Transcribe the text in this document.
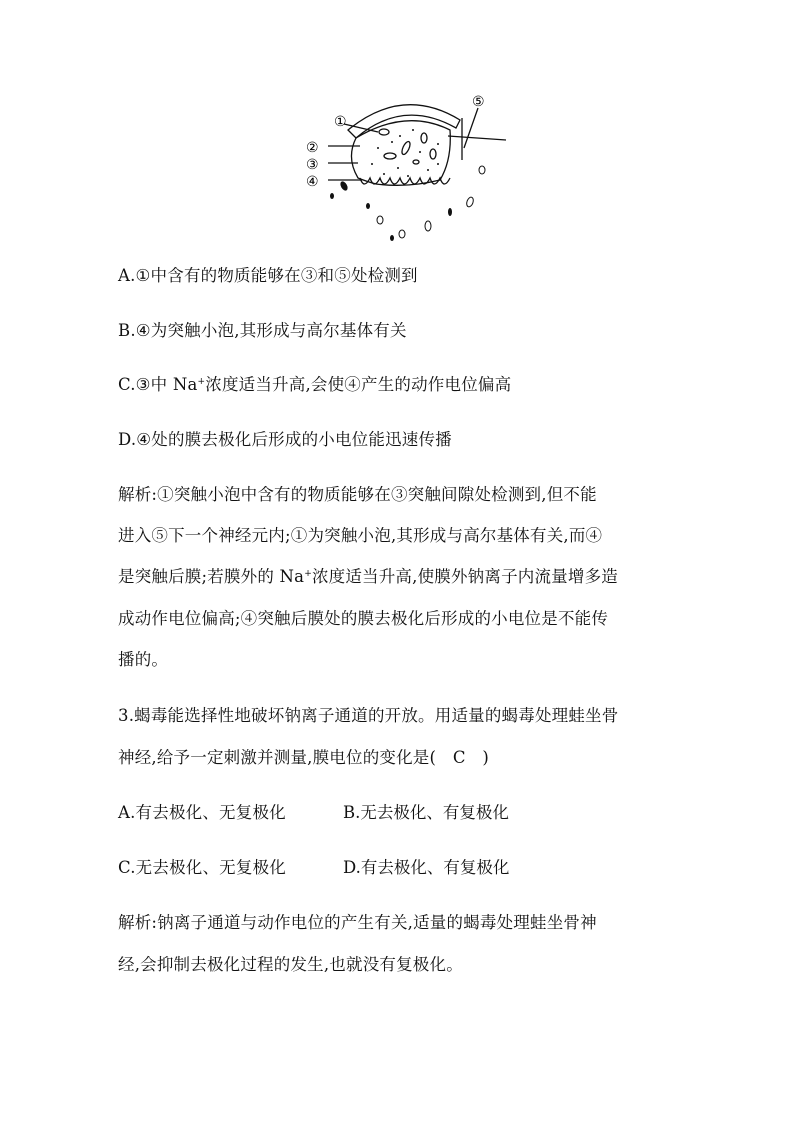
①
②
③
④
⑤
A.①中含有的物质能够在③和⑤处检测到
B.④为突触小泡,其形成与高尔基体有关
C.③中 Na+浓度适当升高,会使④产生的动作电位偏高
D.④处的膜去极化后形成的小电位能迅速传播
解析:①突触小泡中含有的物质能够在③突触间隙处检测到,但不能
进入⑤下一个神经元内;①为突触小泡,其形成与高尔基体有关,而④
是突触后膜;若膜外的 Na+浓度适当升高,使膜外钠离子内流量增多造
成动作电位偏高;④突触后膜处的膜去极化后形成的小电位是不能传
播的。
3.蝎毒能选择性地破坏钠离子通道的开放。用适量的蝎毒处理蛙坐骨
神经,给予一定刺激并测量,膜电位的变化是(　C　)
A.有去极化、无复极化	B.无去极化、有复极化
C.无去极化、无复极化	D.有去极化、有复极化
解析:钠离子通道与动作电位的产生有关,适量的蝎毒处理蛙坐骨神
经,会抑制去极化过程的发生,也就没有复极化。
